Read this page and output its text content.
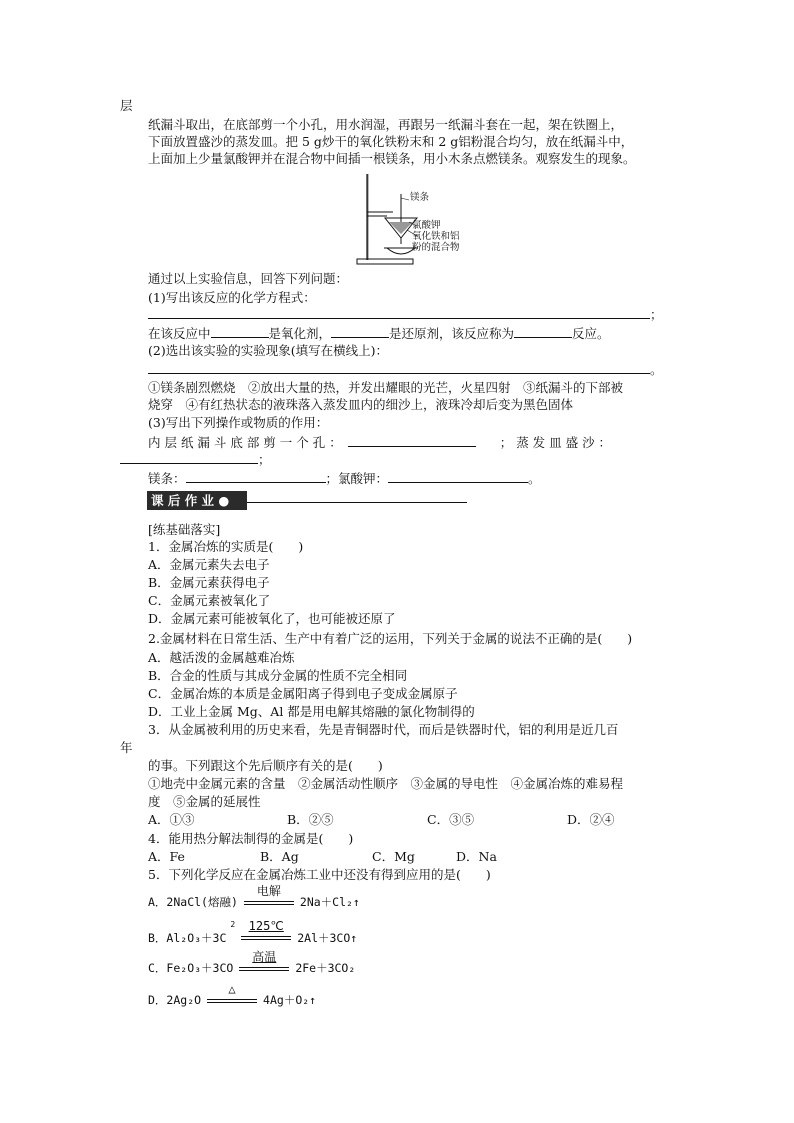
层
纸漏斗取出，在底部剪一个小孔，用水润湿，再跟另一纸漏斗套在一起，架在铁圈上，
下面放置盛沙的蒸发皿。把 5 g炒干的氧化铁粉末和 2 g铝粉混合均匀，放在纸漏斗中，
上面加上少量氯酸钾并在混合物中间插一根镁条，用小木条点燃镁条。观察发生的现象。
镁条
氯酸钾
氧化铁和铝
粉的混合物
通过以上实验信息，回答下列问题：
(1)写出该反应的化学方程式：
；
在该反应中	是氧化剂，	是还原剂，该反应称为	反应。
(2)选出该实验的实验现象(填写在横线上)：
。
①镁条剧烈燃烧　②放出大量的热，并发出耀眼的光芒，火星四射　③纸漏斗的下部被
烧穿　④有红热状态的液珠落入蒸发皿内的细沙上，液珠冷却后变为黑色固体
(3)写出下列操作或物质的作用：
内 层 纸 漏 斗 底 部 剪 一 个 孔 ：	； 蒸 发 皿 盛 沙 ：
；
镁条：	；氯酸钾：	。
课 后 作 业 ●
[练基础落实]
1．金属冶炼的实质是(　　)
A．金属元素失去电子
B．金属元素获得电子
C．金属元素被氧化了
D．金属元素可能被氧化了，也可能被还原了
2.金属材料在日常生活、生产中有着广泛的运用，下列关于金属的说法不正确的是(　　)
A．越活泼的金属越难冶炼
B．合金的性质与其成分金属的性质不完全相同
C．金属冶炼的本质是金属阳离子得到电子变成金属原子
D．工业上金属 Mg、Al 都是用电解其熔融的氯化物制得的
3．从金属被利用的历史来看，先是青铜器时代，而后是铁器时代，铝的利用是近几百
年
的事。下列跟这个先后顺序有关的是(　　)
①地壳中金属元素的含量　②金属活动性顺序　③金属的导电性　④金属冶炼的难易程
度　⑤金属的延展性
A．①③	B．②⑤	C．③⑤	D．②④
4．能用热分解法制得的金属是(　　)
A．Fe	B．Ag	C．Mg	D．Na
5．下列化学反应在金属冶炼工业中还没有得到应用的是(　　)
A．2NaCl(熔融)
电解
2Na＋Cl₂↑
B．$Al_2O_3+3C^2$	125℃
2Al＋3CO↑
C．Fe₂O₃＋3CO
高温
2Fe＋3CO₂
D．2Ag₂O
△
4Ag＋O₂↑
